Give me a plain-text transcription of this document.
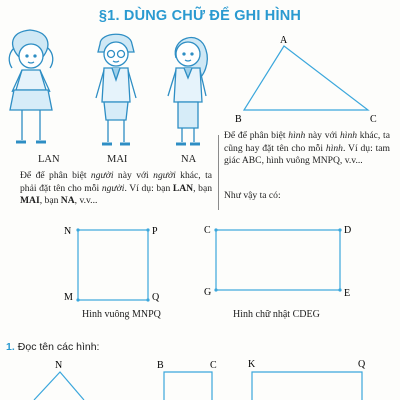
§1. DÙNG CHỮ ĐỂ GHI HÌNH
LAN	MAI	NA
A
B	C
Để để phân biệt người này với người khác, ta phải đặt tên cho mỗi người. Ví dụ: bạn LAN, bạn MAI, bạn NA, v.v...
Để để phân biệt hình này với hình khác, ta cũng hay đặt tên cho mỗi hình. Ví dụ: tam giác ABC, hình vuông MNPQ, v.v...
Như vậy ta có:
N	P
M	Q
Hình vuông MNPQ
C	D
G	E
Hình chữ nhật CDEG
1. Đọc tên các hình:
N	B	C	K	Q
